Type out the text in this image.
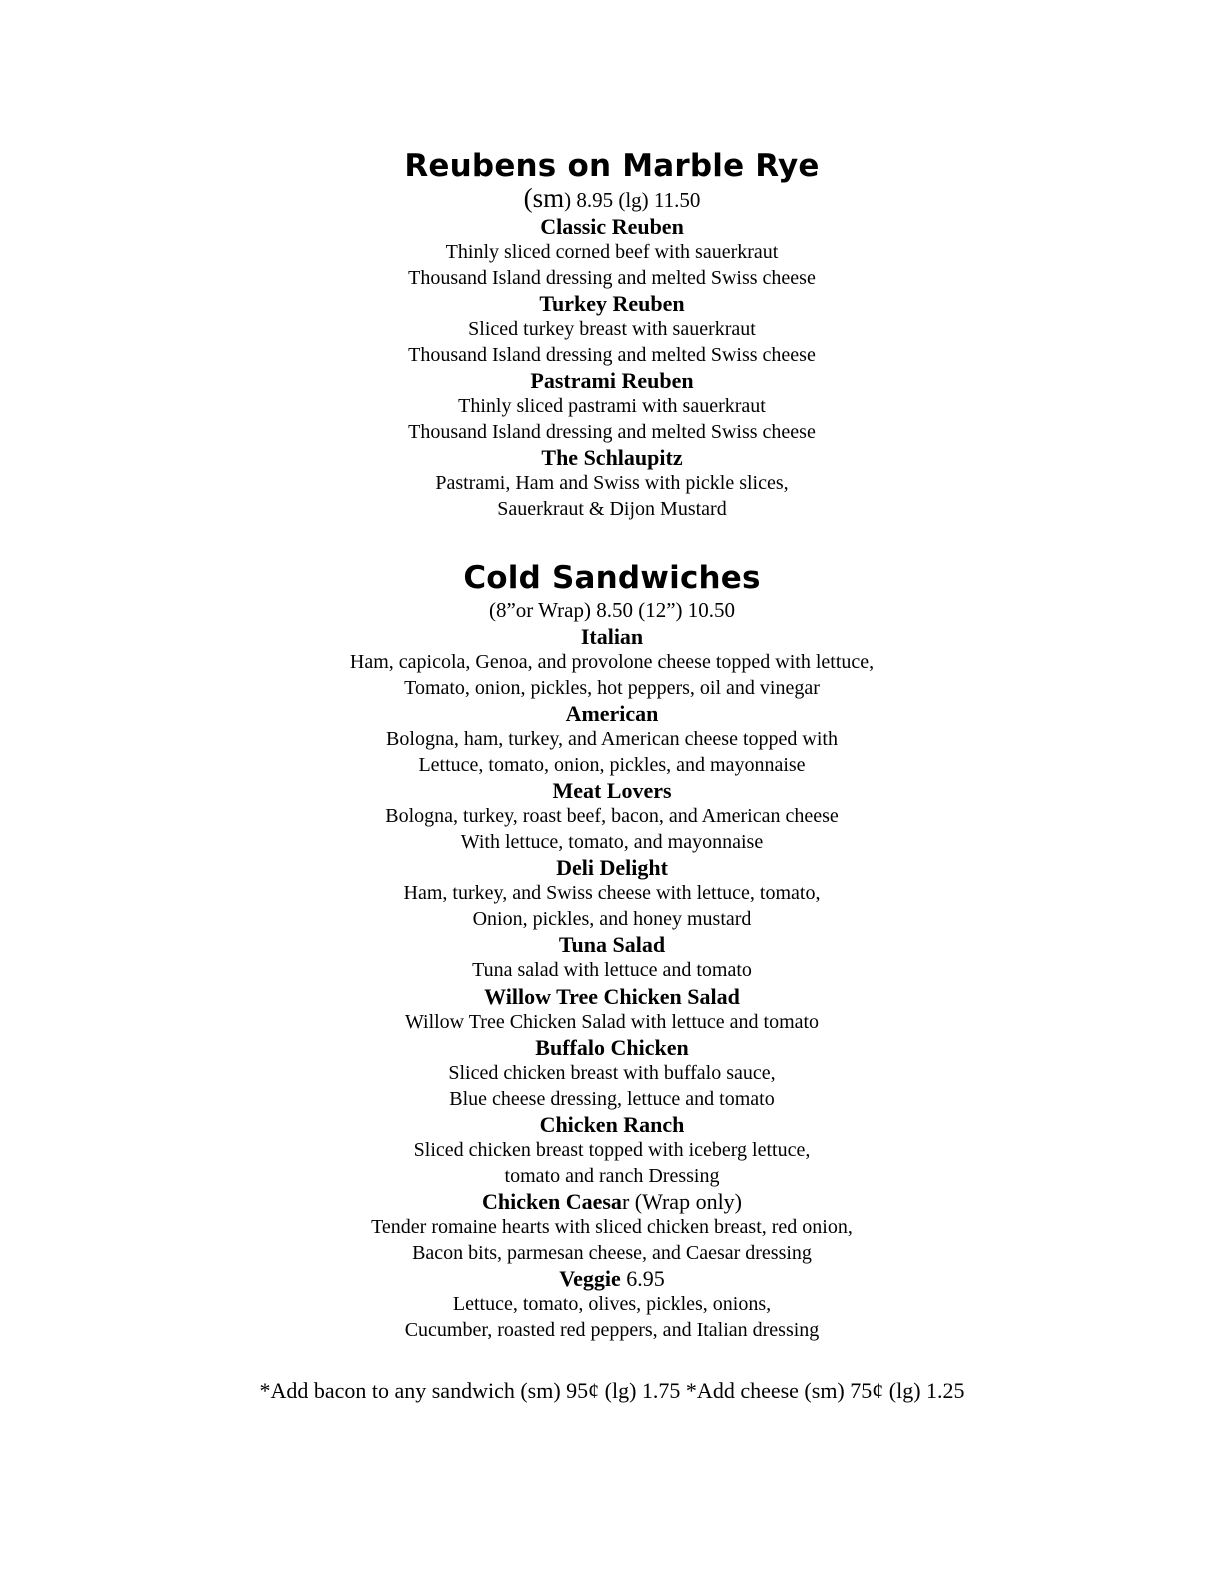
Reubens on Marble Rye

(sm) 8.95 (lg) 11.50

Classic Reuben

Thinly sliced corned beef with sauerkraut

Thousand Island dressing and melted Swiss cheese

Turkey Reuben

Sliced turkey breast with sauerkraut

Thousand Island dressing and melted Swiss cheese

Pastrami Reuben

Thinly sliced pastrami with sauerkraut

Thousand Island dressing and melted Swiss cheese

The Schlaupitz

Pastrami, Ham and Swiss with pickle slices,

Sauerkraut & Dijon Mustard

Cold Sandwiches

(8”or Wrap) 8.50 (12”) 10.50

Italian

Ham, capicola, Genoa, and provolone cheese topped with lettuce,

Tomato, onion, pickles, hot peppers, oil and vinegar

American

Bologna, ham, turkey, and American cheese topped with

Lettuce, tomato, onion, pickles, and mayonnaise

Meat Lovers

Bologna, turkey, roast beef, bacon, and American cheese

With lettuce, tomato, and mayonnaise

Deli Delight

Ham, turkey, and Swiss cheese with lettuce, tomato,

Onion, pickles, and honey mustard

Tuna Salad

Tuna salad with lettuce and tomato

Willow Tree Chicken Salad

Willow Tree Chicken Salad with lettuce and tomato

Buffalo Chicken

Sliced chicken breast with buffalo sauce,

Blue cheese dressing, lettuce and tomato

Chicken Ranch

Sliced chicken breast topped with iceberg lettuce,

tomato and ranch Dressing

Chicken Caesar (Wrap only)

Tender romaine hearts with sliced chicken breast, red onion,

Bacon bits, parmesan cheese, and Caesar dressing

Veggie 6.95

Lettuce, tomato, olives, pickles, onions,

Cucumber, roasted red peppers, and Italian dressing

*Add bacon to any sandwich (sm) 95¢ (lg) 1.75 *Add cheese (sm) 75¢ (lg) 1.25
